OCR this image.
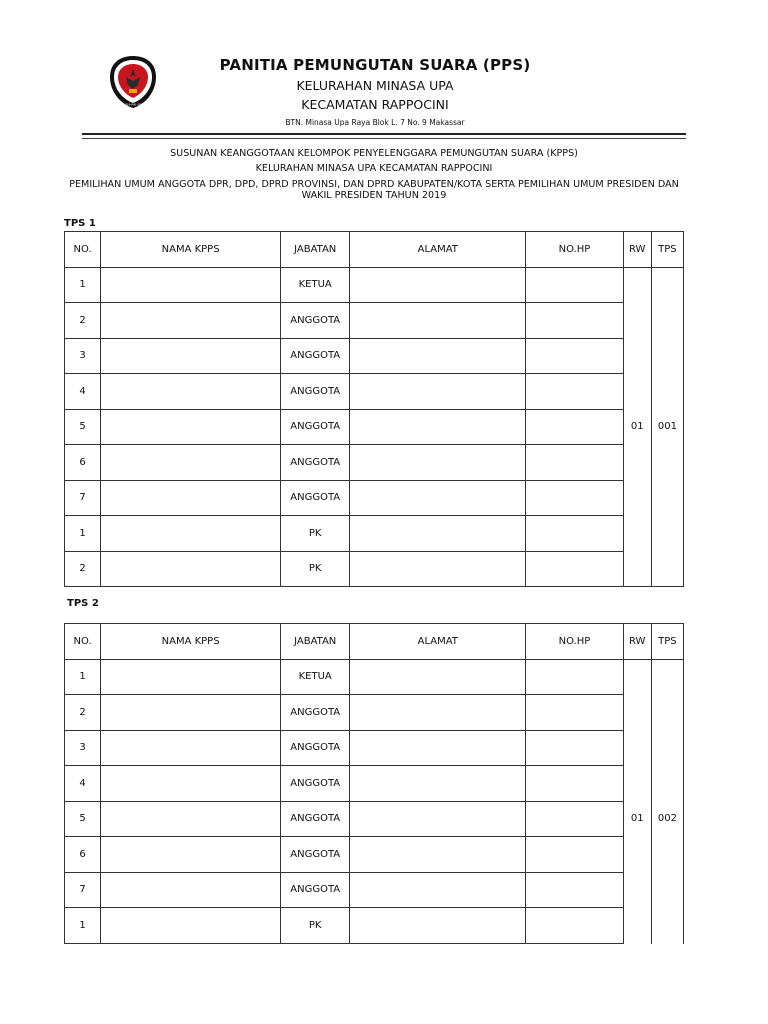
KOMISI
PEMILIHAN UMUM
PANITIA PEMUNGUTAN SUARA (PPS)
KELURAHAN MINASA UPA
KECAMATAN RAPPOCINI
BTN. Minasa Upa Raya Blok L. 7 No. 9 Makassar
SUSUNAN KEANGGOTAAN KELOMPOK PENYELENGGARA PEMUNGUTAN SUARA (KPPS)
KELURAHAN MINASA UPA KECAMATAN RAPPOCINI
PEMILIHAN UMUM ANGGOTA DPR, DPD, DPRD PROVINSI, DAN DPRD KABUPATEN/KOTA SERTA PEMILIHAN UMUM PRESIDEN DAN WAKIL PRESIDEN TAHUN 2019
TPS 1
NO.	NAMA KPPS	JABATAN	ALAMAT	NO.HP	RW	TPS
1		KETUA			01	001
2		ANGGOTA				
3		ANGGOTA				
4		ANGGOTA				
5		ANGGOTA				
6		ANGGOTA				
7		ANGGOTA				
1		PK				
2		PK				
TPS 2
NO.	NAMA KPPS	JABATAN	ALAMAT	NO.HP	RW	TPS
1		KETUA			01	002
2		ANGGOTA				
3		ANGGOTA				
4		ANGGOTA				
5		ANGGOTA				
6		ANGGOTA				
7		ANGGOTA				
1		PK				
